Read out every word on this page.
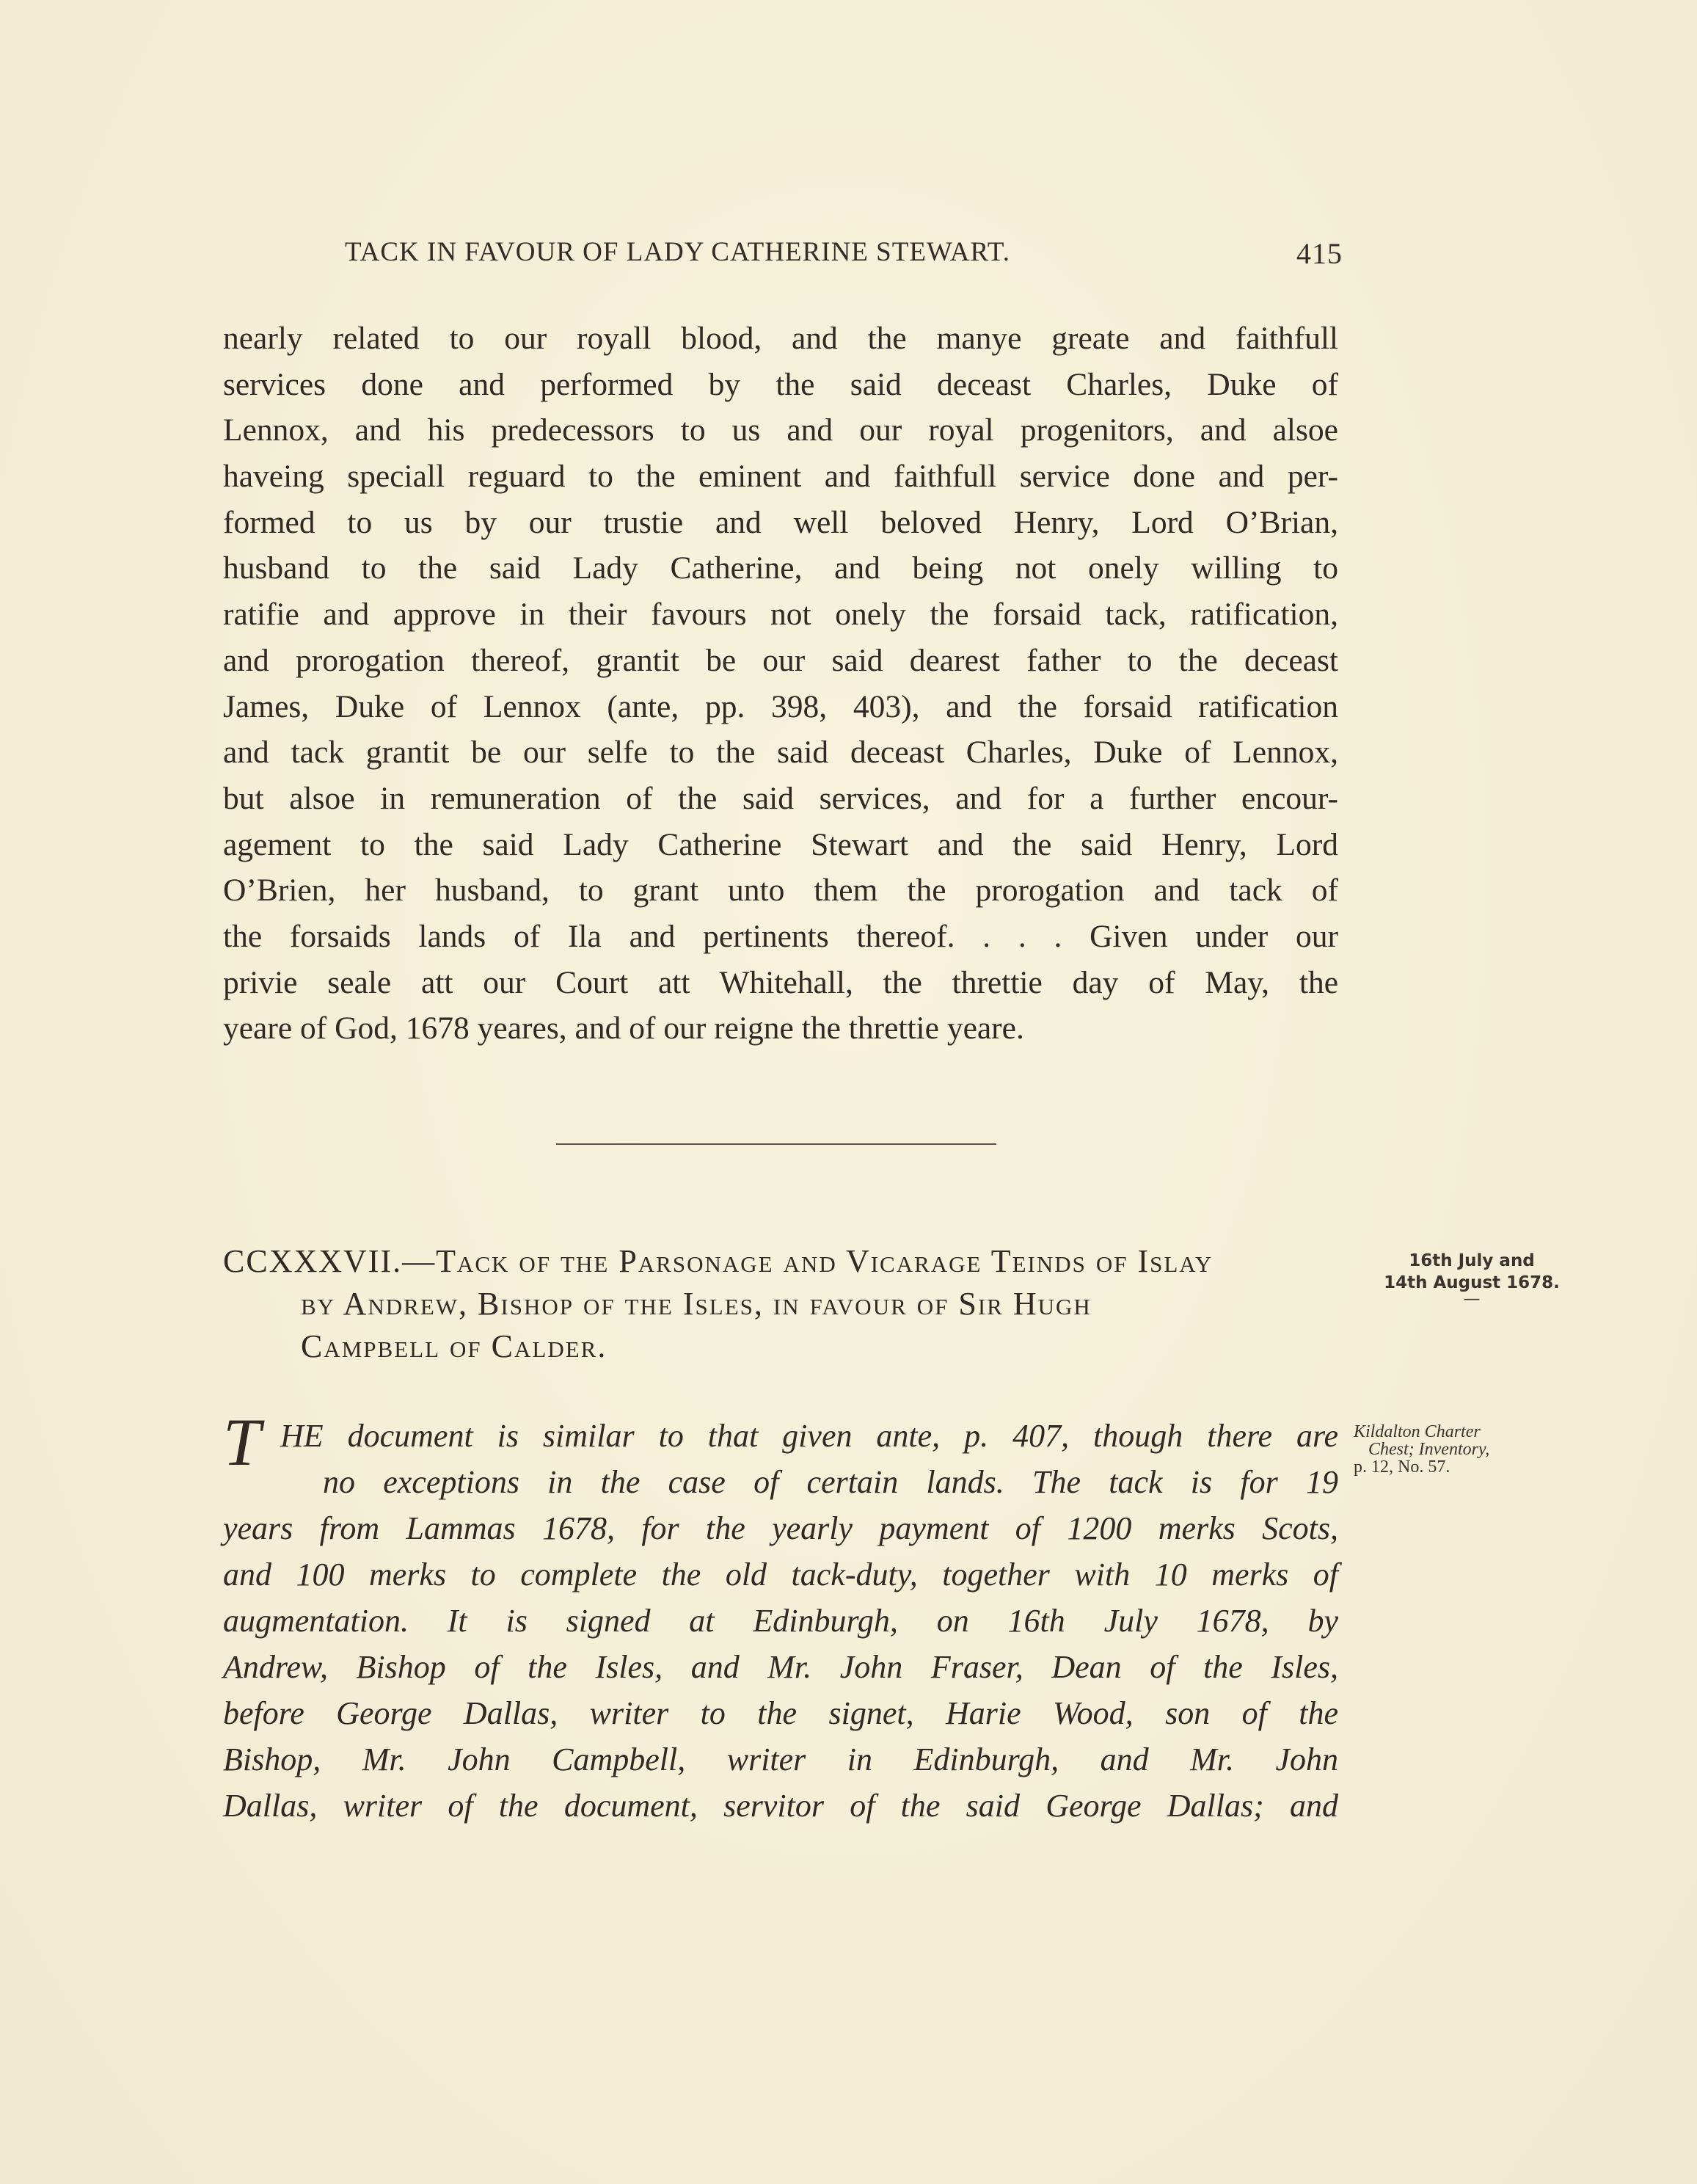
TACK IN FAVOUR OF LADY CATHERINE STEWART.	415
nearly related to our royall blood, and the manye greate and faithfull
services done and performed by the said deceast Charles, Duke of
Lennox, and his predecessors to us and our royal progenitors, and alsoe
haveing speciall reguard to the eminent and faithfull service done and per-
formed to us by our trustie and well beloved Henry, Lord O’Brian,
husband to the said Lady Catherine, and being not onely willing to
ratifie and approve in their favours not onely the forsaid tack, ratification,
and prorogation thereof, grantit be our said dearest father to the deceast
James, Duke of Lennox (ante, pp. 398, 403), and the forsaid ratification
and tack grantit be our selfe to the said deceast Charles, Duke of Lennox,
but alsoe in remuneration of the said services, and for a further encour-
agement to the said Lady Catherine Stewart and the said Henry, Lord
O’Brien, her husband, to grant unto them the prorogation and tack of
the forsaids lands of Ila and pertinents thereof. . . . Given under our
privie seale att our Court att Whitehall, the threttie day of May, the
yeare of God, 1678 yeares, and of our reigne the threttie yeare.
CCXXXVII.—Tack of the Parsonage and Vicarage Teinds of Islay
by Andrew, Bishop of the Isles, in favour of Sir Hugh
Campbell of Calder.
16th July and
14th August 1678.
—
T HE document is similar to that given ante, p. 407, though there are
no exceptions in the case of certain lands. The tack is for 19
years from Lammas 1678, for the yearly payment of 1200 merks Scots,
and 100 merks to complete the old tack-duty, together with 10 merks of
augmentation. It is signed at Edinburgh, on 16th July 1678, by
Andrew, Bishop of the Isles, and Mr. John Fraser, Dean of the Isles,
before George Dallas, writer to the signet, Harie Wood, son of the
Bishop, Mr. John Campbell, writer in Edinburgh, and Mr. John
Dallas, writer of the document, servitor of the said George Dallas; and
Kildalton Charter
Chest; Inventory,
p. 12, No. 57.
